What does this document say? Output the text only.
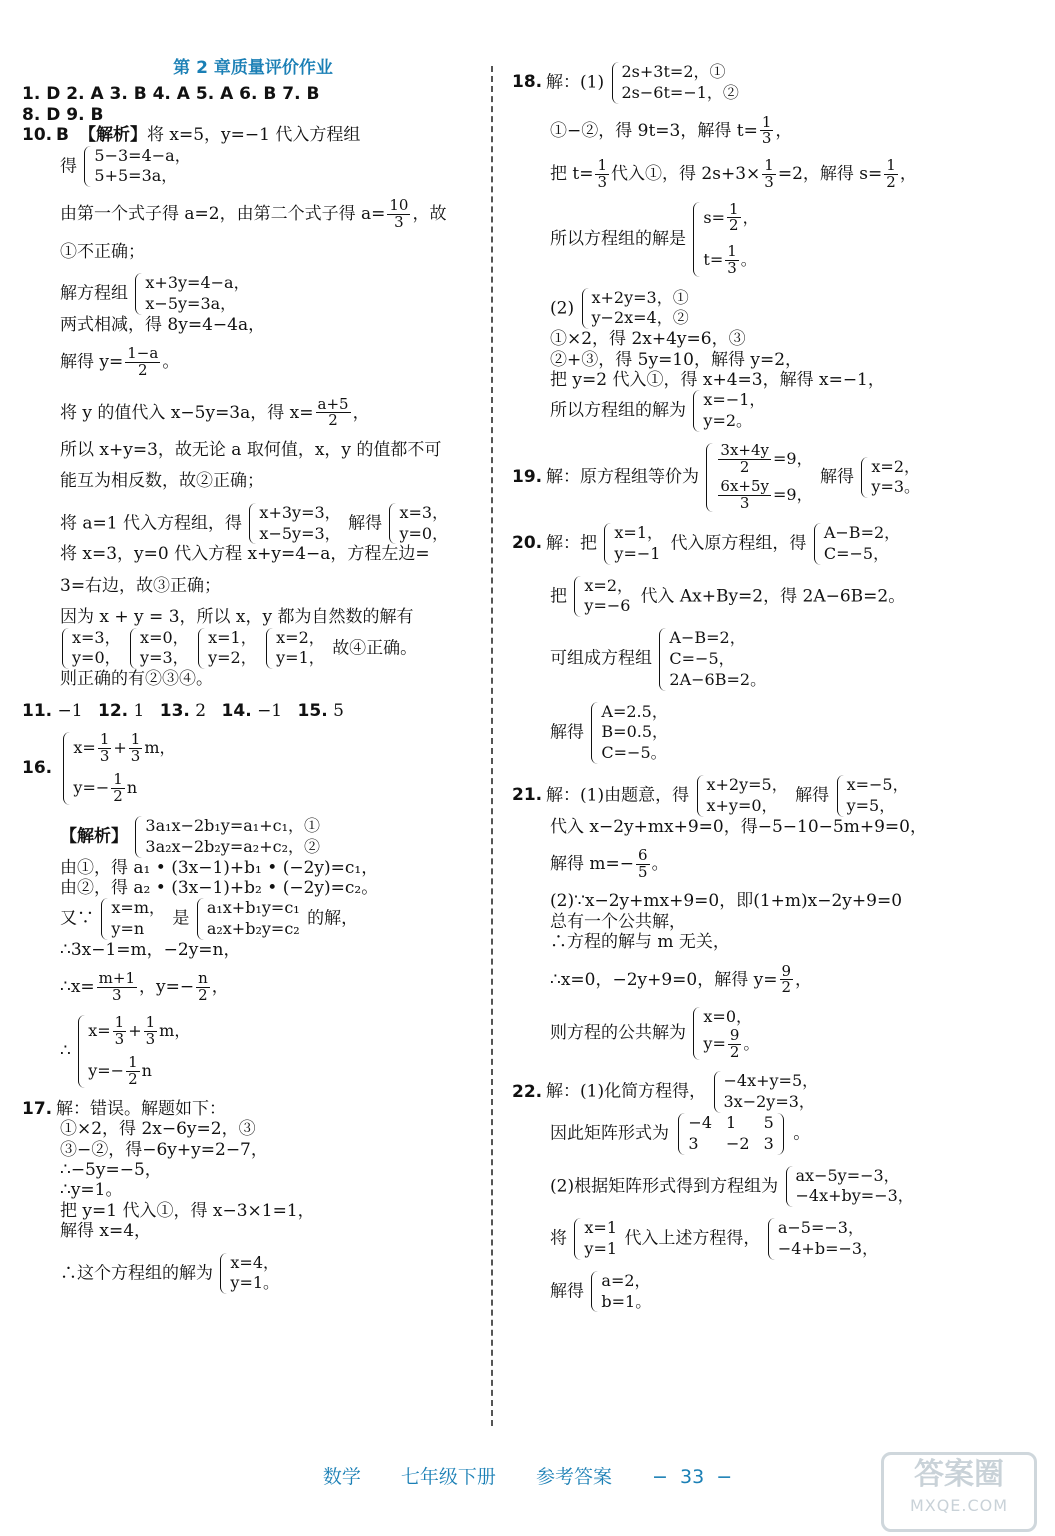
第 2 章质量评价作业
1. D 2. A 3. B 4. A 5. A 6. B 7. B
8. D 9. B
10. B 【解析】将 x=5，y=−1 代入方程组
得
5−3=4−a，
5+5=3a，
由第一个式子得 a=2，由第二个式子得 $a= \frac{10}{3}$ ，故
①不正确；
解方程组
x+3y=4−a，
x−5y=3a，
两式相减，得 8y=4−4a，
解得 $y= \frac{1-a}{2}$ 。
将 y 的值代入 x−5y=3a，得 $x= \frac{a+5}{2}$ ，
所以 x+y=3，故无论 a 取何值，x，y 的值都不可
能互为相反数，故②正确；
将 a=1 代入方程组，得
x+3y=3，
x−5y=3， 解得
x=3，
y=0，
将 x=3，y=0 代入方程 x+y=4−a，方程左边=
3=右边，故③正确；
因为 x + y = 3，所以 x，y 都为自然数的解有
x=3，
y=0，

x=0，
y=3，

x=1，
y=2，

x=2，
y=1， 故④正确。
则正确的有②③④。
11. −1 12. 1 13. 2 14. −1 15. 5
16.
$x= \frac{1}{3} + \frac{1}{3}$ m，
$y=- \frac{1}{2}$ n
【解析】
3a₁x−2b₁y=a₁+c₁，①
3a₂x−2b₂y=a₂+c₂，②
由①，得 a₁ • (3x−1)+b₁ • (−2y)=c₁，
由②，得 a₂ • (3x−1)+b₂ • (−2y)=c₂。
又∵
x=m，
y=n	是
a₁x+b₁y=c₁
a₂x+b₂y=c₂ 的解，
∴3x−1=m，−2y=n，
∴x= $\frac{m+1}{3}$ ，$y=- \frac{n}{2}$ ，
∴
$x= \frac{1}{3} + \frac{1}{3}$ m，
$y=- \frac{1}{2}$ n
17. 解：错误。解题如下：
①×2，得 2x−6y=2，③
③−②，得−6y+y=2−7，
∴−5y=−5，
∴y=1。
把 y=1 代入①，得 x−3×1=1，
解得 x=4，
∴这个方程组的解为
x=4，
y=1。
18. 解：(1)
2s+3t=2，①
2s−6t=−1，②
①−②，得 9t=3，解得 $t= \frac{1}{3}$ ，
把 $t= \frac{1}{3}$ 代入①，得 $2s+3\times \frac{1}{3} =2$，解得 $s= \frac{1}{2}$ ，
所以方程组的解是
$s= \frac{1}{2}$ ，
$t= \frac{1}{3}$ 。
(2)
x+2y=3，①
y−2x=4，②
①×2，得 2x+4y=6，③
②+③，得 5y=10，解得 y=2，
把 y=2 代入①，得 x+4=3，解得 x=−1，
所以方程组的解为
x=−1，
y=2。
19. 解：原方程组等价为
$\frac{3x+4y}{2} =9$，
$\frac{6x+5y}{3} =9$，
解得
x=2，
y=3。
20. 解：把
x=1，
y=−1 代入原方程组，得
A−B=2，
C=−5，
把
x=2，
y=−6 代入 Ax+By=2，得 2A−6B=2。
可组成方程组
A−B=2，
C=−5，
2A−6B=2。
解得
A=2.5，
B=0.5，
C=−5。
21. 解：(1)由题意，得
x+2y=5，
x+y=0，	解得
x=−5，
y=5，
代入 x−2y+mx+9=0，得−5−10−5m+9=0，
解得 $m=- \frac{6}{5}$ 。
(2)∵x−2y+mx+9=0，即(1+m)x−2y+9=0
总有一个公共解，
∴方程的解与 m 无关，
∴x=0，−2y+9=0，解得 $y= \frac{9}{2}$ ，
则方程的公共解为
x=0，
$y= \frac{9}{2}$ 。
22. 解：(1)化简方程得，
−4x+y=5，
3x−2y=3，
因此矩阵形式为
−4 1	5
3	−2 3 。
(2)根据矩阵形式得到方程组为
ax−5y=−3，
−4x+by=−3，
将
x=1
y=1 代入上述方程得，
a−5=−3，
−4+b=−3，
解得
a=2，
b=1。
数学 七年级下册 参考答案 − 33 −	答案圈
MXQE.COM
